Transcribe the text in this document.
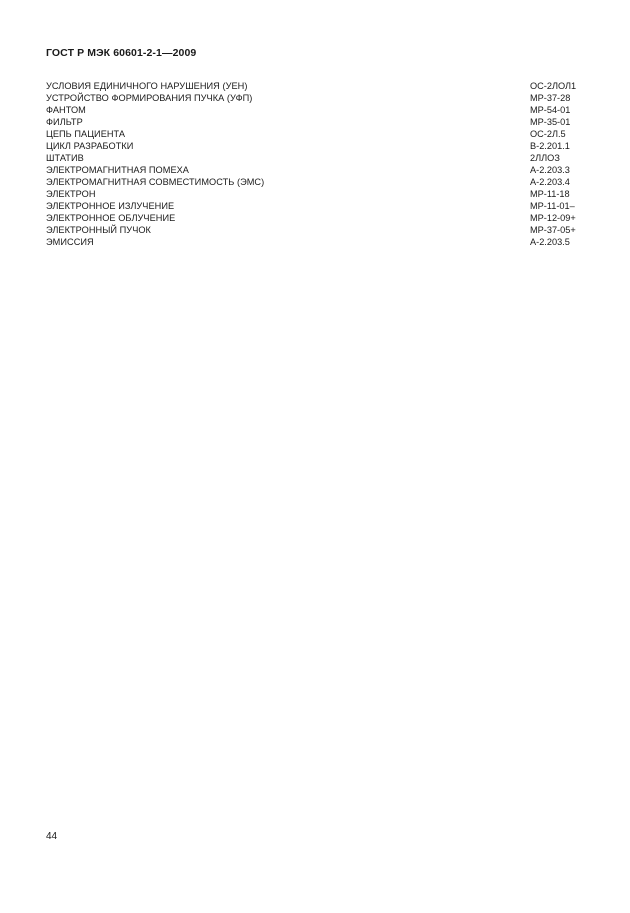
ГОСТ Р МЭК 60601-2-1—2009
УСЛОВИЯ ЕДИНИЧНОГО НАРУШЕНИЯ (УЕН)	ОС-2ЛОЛ1
УСТРОЙСТВО ФОРМИРОВАНИЯ ПУЧКА (УФП)	МР-37-28
ФАНТОМ	МР-54-01
ФИЛЬТР	МР-35-01
ЦЕПЬ ПАЦИЕНТА	ОС-2Л.5
ЦИКЛ РАЗРАБОТКИ	В-2.201.1
ШТАТИВ	2ЛЛОЗ
ЭЛЕКТРОМАГНИТНАЯ ПОМЕХА	А-2.203.3
ЭЛЕКТРОМАГНИТНАЯ СОВМЕСТИМОСТЬ (ЭМС)	А-2.203.4
ЭЛЕКТРОН	МР-11-18
ЭЛЕКТРОННОЕ ИЗЛУЧЕНИЕ	МР-11-01–
ЭЛЕКТРОННОЕ ОБЛУЧЕНИЕ	МР-12-09+
ЭЛЕКТРОННЫЙ ПУЧОК	МР-37-05+
ЭМИССИЯ	А-2.203.5
44
